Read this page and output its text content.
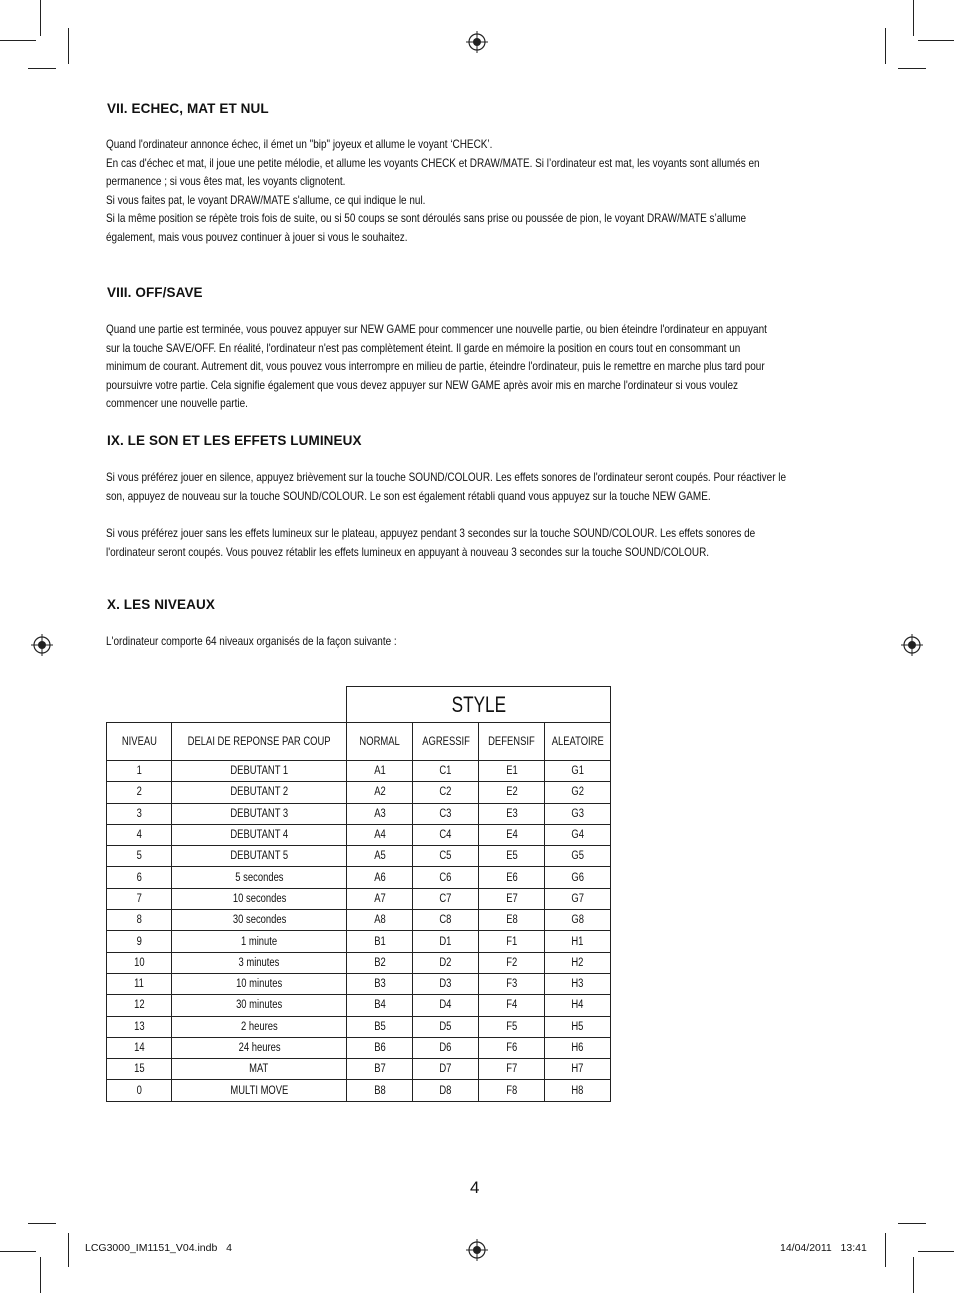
VII. ECHEC, MAT ET NUL
Quand l'ordinateur annonce échec, il émet un "bip" joyeux et allume le voyant ‘CHECK’.
En cas d'échec et mat, il joue une petite mélodie, et allume les voyants CHECK et DRAW/MATE. Si l’ordinateur est mat, les voyants sont allumés en
permanence ; si vous êtes mat, les voyants clignotent.
Si vous faites pat, le voyant DRAW/MATE s'allume, ce qui indique le nul.
Si la même position se répète trois fois de suite, ou si 50 coups se sont déroulés sans prise ou poussée de pion, le voyant DRAW/MATE s’allume
également, mais vous pouvez continuer à jouer si vous le souhaitez.
VIII. OFF/SAVE
Quand une partie est terminée, vous pouvez appuyer sur NEW GAME pour commencer une nouvelle partie, ou bien éteindre l'ordinateur en appuyant
sur la touche SAVE/OFF. En réalité, l'ordinateur n'est pas complètement éteint. Il garde en mémoire la position en cours tout en consommant un
minimum de courant. Autrement dit, vous pouvez vous interrompre en milieu de partie, éteindre l'ordinateur, puis le remettre en marche plus tard pour
poursuivre votre partie. Cela signifie également que vous devez appuyer sur NEW GAME après avoir mis en marche l'ordinateur si vous voulez
commencer une nouvelle partie.
IX. LE SON ET LES EFFETS LUMINEUX
Si vous préférez jouer en silence, appuyez brièvement sur la touche SOUND/COLOUR. Les effets sonores de l'ordinateur seront coupés. Pour réactiver le
son, appuyez de nouveau sur la touche SOUND/COLOUR. Le son est également rétabli quand vous appuyez sur la touche NEW GAME.
Si vous préférez jouer sans les effets lumineux sur le plateau, appuyez pendant 3 secondes sur la touche SOUND/COLOUR. Les effets sonores de
l'ordinateur seront coupés. Vous pouvez rétablir les effets lumineux en appuyant à nouveau 3 secondes sur la touche SOUND/COLOUR.
X. LES NIVEAUX
L'ordinateur comporte 64 niveaux organisés de la façon suivante :
		STYLE			
NIVEAU	DELAI DE REPONSE PAR COUP	NORMAL	AGRESSIF	DEFENSIF	ALEATOIRE
1	DEBUTANT 1	A1	C1	E1	G1
2	DEBUTANT 2	A2	C2	E2	G2
3	DEBUTANT 3	A3	C3	E3	G3
4	DEBUTANT 4	A4	C4	E4	G4
5	DEBUTANT 5	A5	C5	E5	G5
6	5 secondes	A6	C6	E6	G6
7	10 secondes	A7	C7	E7	G7
8	30 secondes	A8	C8	E8	G8
9	1 minute	B1	D1	F1	H1
10	3 minutes	B2	D2	F2	H2
11	10 minutes	B3	D3	F3	H3
12	30 minutes	B4	D4	F4	H4
13	2 heures	B5	D5	F5	H5
14	24 heures	B6	D6	F6	H6
15	MAT	B7	D7	F7	H7
0	MULTI MOVE	B8	D8	F8	H8
4
LCG3000_IM1151_V04.indb   4	14/04/2011   13:41
